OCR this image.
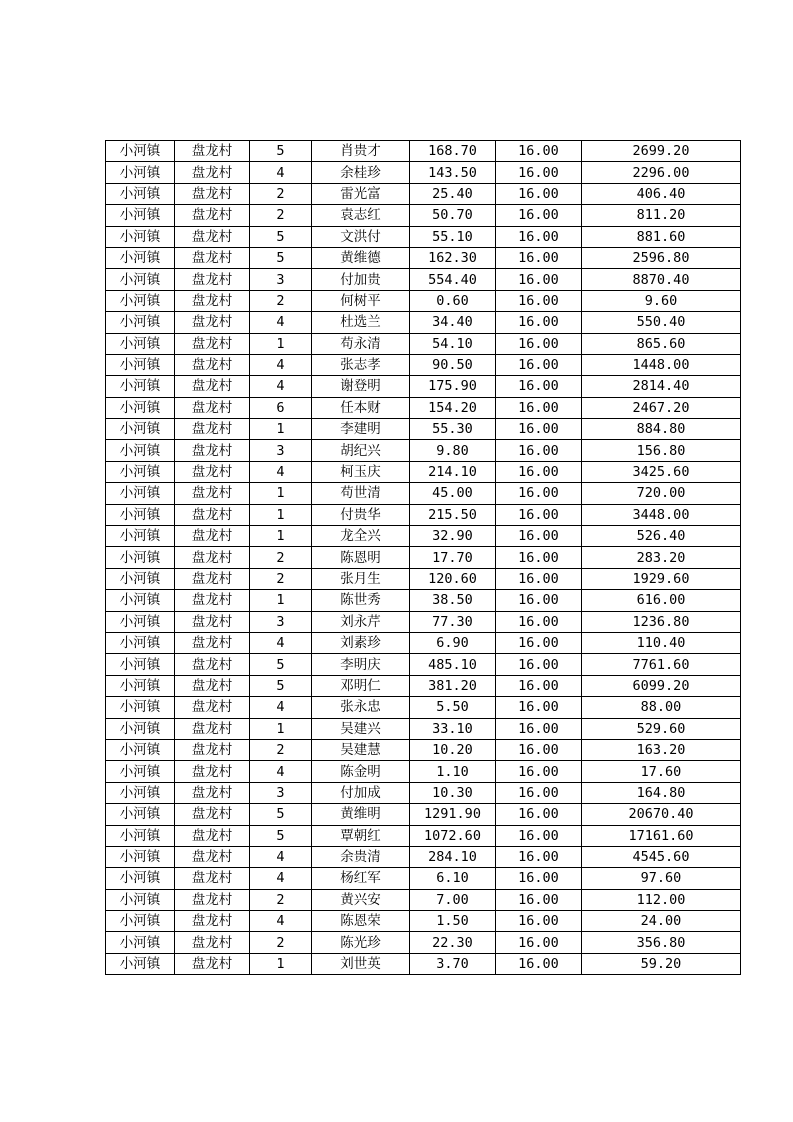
小河镇	盘龙村	5	肖贵才	168.70	16.00	2699.20
小河镇	盘龙村	4	余桂珍	143.50	16.00	2296.00
小河镇	盘龙村	2	雷光富	25.40	16.00	406.40
小河镇	盘龙村	2	袁志红	50.70	16.00	811.20
小河镇	盘龙村	5	文洪付	55.10	16.00	881.60
小河镇	盘龙村	5	黄维德	162.30	16.00	2596.80
小河镇	盘龙村	3	付加贵	554.40	16.00	8870.40
小河镇	盘龙村	2	何树平	0.60	16.00	9.60
小河镇	盘龙村	4	杜选兰	34.40	16.00	550.40
小河镇	盘龙村	1	苟永清	54.10	16.00	865.60
小河镇	盘龙村	4	张志孝	90.50	16.00	1448.00
小河镇	盘龙村	4	谢登明	175.90	16.00	2814.40
小河镇	盘龙村	6	任本财	154.20	16.00	2467.20
小河镇	盘龙村	1	李建明	55.30	16.00	884.80
小河镇	盘龙村	3	胡纪兴	9.80	16.00	156.80
小河镇	盘龙村	4	柯玉庆	214.10	16.00	3425.60
小河镇	盘龙村	1	苟世清	45.00	16.00	720.00
小河镇	盘龙村	1	付贵华	215.50	16.00	3448.00
小河镇	盘龙村	1	龙全兴	32.90	16.00	526.40
小河镇	盘龙村	2	陈恩明	17.70	16.00	283.20
小河镇	盘龙村	2	张月生	120.60	16.00	1929.60
小河镇	盘龙村	1	陈世秀	38.50	16.00	616.00
小河镇	盘龙村	3	刘永芹	77.30	16.00	1236.80
小河镇	盘龙村	4	刘素珍	6.90	16.00	110.40
小河镇	盘龙村	5	李明庆	485.10	16.00	7761.60
小河镇	盘龙村	5	邓明仁	381.20	16.00	6099.20
小河镇	盘龙村	4	张永忠	5.50	16.00	88.00
小河镇	盘龙村	1	吴建兴	33.10	16.00	529.60
小河镇	盘龙村	2	吴建慧	10.20	16.00	163.20
小河镇	盘龙村	4	陈金明	1.10	16.00	17.60
小河镇	盘龙村	3	付加成	10.30	16.00	164.80
小河镇	盘龙村	5	黄维明	1291.90	16.00	20670.40
小河镇	盘龙村	5	覃朝红	1072.60	16.00	17161.60
小河镇	盘龙村	4	余贵清	284.10	16.00	4545.60
小河镇	盘龙村	4	杨红军	6.10	16.00	97.60
小河镇	盘龙村	2	黄兴安	7.00	16.00	112.00
小河镇	盘龙村	4	陈恩荣	1.50	16.00	24.00
小河镇	盘龙村	2	陈光珍	22.30	16.00	356.80
小河镇	盘龙村	1	刘世英	3.70	16.00	59.20
